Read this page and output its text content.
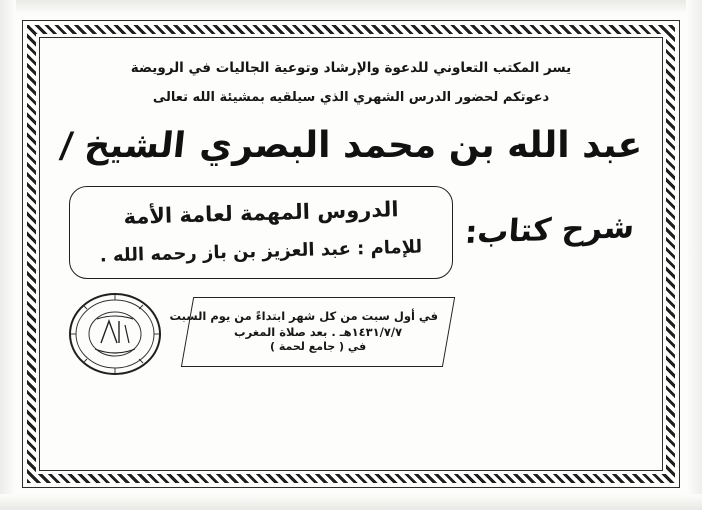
يسر المكتب التعاوني للدعوة والإرشاد وتوعية الجاليات في الرويضة
دعوتكم لحضور الدرس الشهري الذي سيلقيه بمشيئة الله تعالى
عبد الله بن محمد البصري
الشيخ /
شرح كتاب:
الدروس المهمة لعامة الأمة
للإمام : عبد العزيز بن باز رحمه الله .
في أول سبت من كل شهر ابتداءً من يوم السبت
١٤٣١/٧/٧هـ . بعد صلاة المغرب
في ( جامع لحمة )
